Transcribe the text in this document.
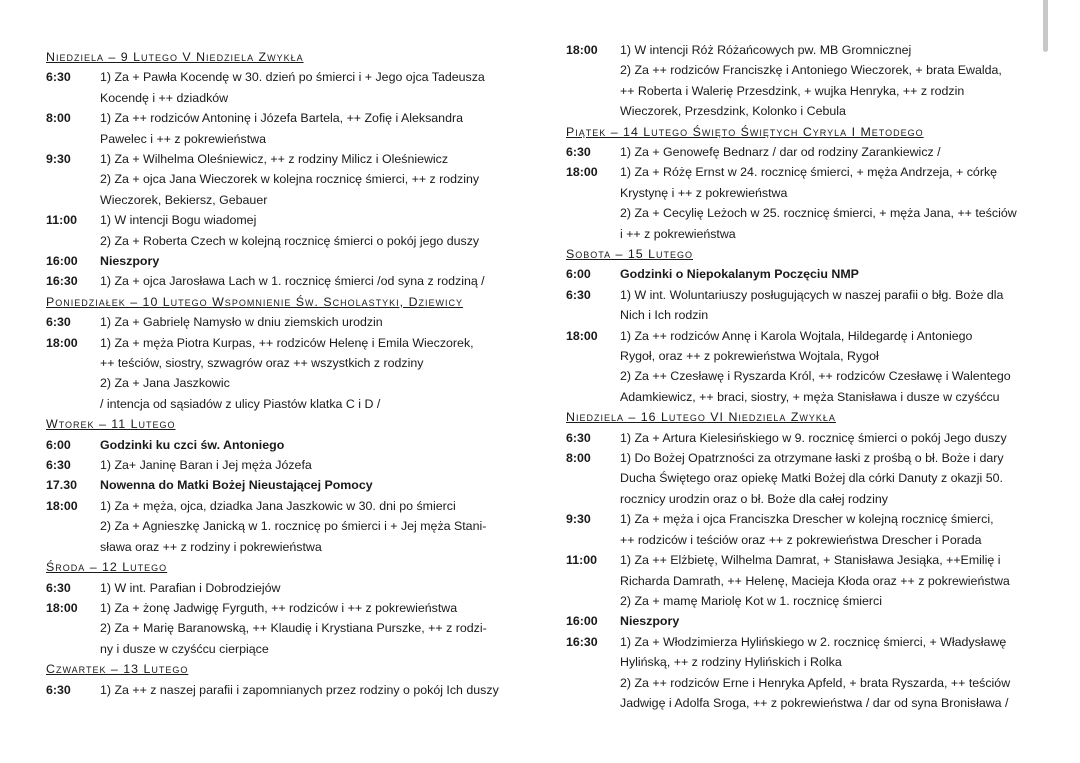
Niedziela – 9 Lutego V Niedziela Zwykła
6:30	1) Za + Pawła Kocendę w 30. dzień po śmierci i + Jego ojca Tadeusza
Kocendę i ++ dziadków
8:00	1) Za ++ rodziców Antoninę i Józefa Bartela, ++ Zofię i Aleksandra
Pawelec i ++ z pokrewieństwa
9:30	1) Za + Wilhelma Oleśniewicz, ++ z rodziny Milicz i Oleśniewicz
2) Za + ojca Jana Wieczorek w kolejna rocznicę śmierci, ++ z rodziny
Wieczorek, Bekiersz, Gebauer
11:00	1) W intencji Bogu wiadomej
2) Za + Roberta Czech w kolejną rocznicę śmierci o pokój jego duszy
16:00	Nieszpory
16:30	1) Za + ojca Jarosława Lach w 1. rocznicę śmierci /od syna z rodziną /
Poniedziałek – 10 Lutego Wspomnienie Św. Scholastyki, Dziewicy
6:30	1) Za + Gabrielę Namysło w dniu ziemskich urodzin
18:00	1) Za + męża Piotra Kurpas, ++ rodziców Helenę i Emila Wieczorek,
++ teściów, siostry, szwagrów oraz ++ wszystkich z rodziny
2) Za + Jana Jaszkowic
/ intencja od sąsiadów z ulicy Piastów klatka C i D /
Wtorek – 11 Lutego
6:00	Godzinki ku czci św. Antoniego
6:30	1) Za+ Janinę Baran i Jej męża Józefa
17.30	Nowenna do Matki Bożej Nieustającej Pomocy
18:00	1) Za + męża, ojca, dziadka Jana Jaszkowic w 30. dni po śmierci
2) Za + Agnieszkę Janicką w 1. rocznicę po śmierci i + Jej męża Stani-
sława oraz ++ z rodziny i pokrewieństwa
Środa – 12 Lutego
6:30	1) W int. Parafian i Dobrodziejów
18:00	1) Za + żonę Jadwigę Fyrguth, ++ rodziców i ++ z pokrewieństwa
2) Za + Marię Baranowską, ++ Klaudię i Krystiana Purszke, ++ z rodzi-
ny i dusze w czyśćcu cierpiące
Czwartek – 13 Lutego
6:30	1) Za ++ z naszej parafii i zapomnianych przez rodziny o pokój Ich duszy
18:00	1) W intencji Róż Różańcowych pw. MB Gromnicznej
2) Za ++ rodziców Franciszkę i Antoniego Wieczorek, + brata Ewalda,
++ Roberta i Walerię Przesdzink, + wujka Henryka, ++ z rodzin
Wieczorek, Przesdzink, Kolonko i Cebula
Piątek – 14 Lutego Święto Świętych Cyryla I Metodego
6:30	1) Za + Genowefę Bednarz / dar od rodziny Zarankiewicz /
18:00	1) Za + Różę Ernst w 24. rocznicę śmierci, + męża Andrzeja, + córkę
Krystynę i ++ z pokrewieństwa
2) Za + Cecylię Leżoch w 25. rocznicę śmierci, + męża Jana, ++ teściów
i ++ z pokrewieństwa
Sobota – 15 Lutego
6:00	Godzinki o Niepokalanym Poczęciu NMP
6:30	1) W int. Woluntariuszy posługujących w naszej parafii o błg. Boże dla
Nich i Ich rodzin
18:00	1) Za ++ rodziców Annę i Karola Wojtala, Hildegardę i Antoniego
Rygoł, oraz ++ z pokrewieństwa Wojtala, Rygoł
2) Za ++ Czesławę i Ryszarda Król, ++ rodziców Czesławę i Walentego
Adamkiewicz, ++ braci, siostry, + męża Stanisława i dusze w czyśćcu
Niedziela – 16 Lutego VI Niedziela Zwykła
6:30	1) Za + Artura Kielesińskiego w 9. rocznicę śmierci o pokój Jego duszy
8:00	1) Do Bożej Opatrzności za otrzymane łaski z prośbą o bł. Boże i dary
Ducha Świętego oraz opiekę Matki Bożej dla córki Danuty z okazji 50.
rocznicy urodzin oraz o bł. Boże dla całej rodziny
9:30	1) Za + męża i ojca Franciszka Drescher w kolejną rocznicę śmierci,
++ rodziców i teściów oraz ++ z pokrewieństwa Drescher i Porada
11:00	1) Za ++ Elżbietę, Wilhelma Damrat, + Stanisława Jesiąka, ++Emilię i
Richarda Damrath, ++ Helenę, Macieja Kłoda oraz ++ z pokrewieństwa
2) Za + mamę Mariolę Kot w 1. rocznicę śmierci
16:00	Nieszpory
16:30	1) Za + Włodzimierza Hylińskiego w 2. rocznicę śmierci, + Władysławę
Hylińską, ++ z rodziny Hylińskich i Rolka
2) Za ++ rodziców Erne i Henryka Apfeld, + brata Ryszarda, ++ teściów
Jadwigę i Adolfa Sroga, ++ z pokrewieństwa / dar od syna Bronisława /
